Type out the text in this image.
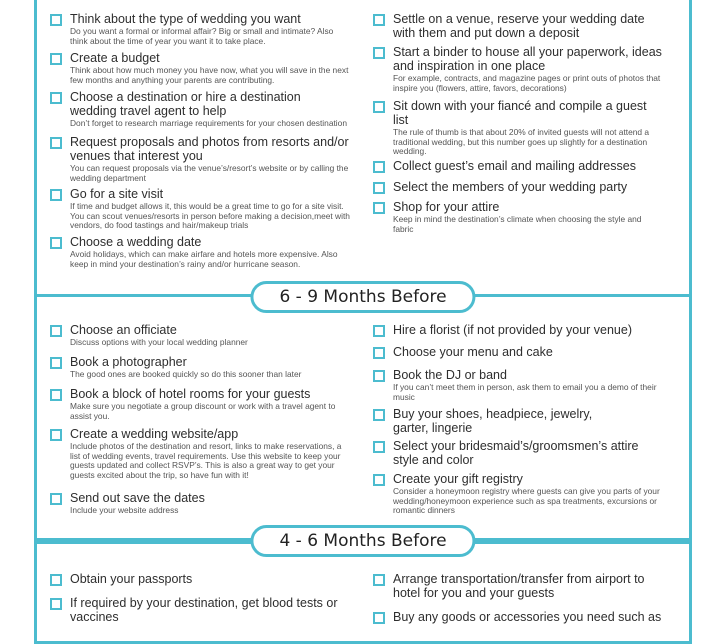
6 - 9 Months Before
4 - 6 Months Before
Think about the type of wedding you want
Do you want a formal or informal affair? Big or small and intimate? Also think about the time of year you want it to take place.
Create a budget
Think about how much money you have now, what you will save in the next few months and anything your parents are contributing.
Choose a destination or hire a destination wedding travel agent to help
Don’t forget to research marriage requirements for your chosen destination
Request proposals and photos from resorts and/or venues that interest you
You can request proposals via the venue’s/resort’s website or by calling the wedding department
Go for a site visit
If time and budget allows it, this would be a great time to go for a site visit. You can scout venues/resorts in person before making a decision,meet with vendors, do food tastings and hair/makeup trials
Choose a wedding date
Avoid holidays, which can make airfare and hotels more expensive. Also keep in mind your destination’s rainy and/or hurricane season.
Settle on a venue, reserve your wedding date with them and put down a deposit
Start a binder to house all your paperwork, ideas and inspiration in one place
For example, contracts, and magazine pages or print outs of photos that inspire you (flowers, attire, favors, decorations)
Sit down with your fiancé and compile a guest list
The rule of thumb is that about 20% of invited guests will not attend a traditional wedding, but this number goes up slightly for a destination wedding.
Collect guest’s email and mailing addresses
Select the members of your wedding party
Shop for your attire
Keep in mind the destination’s climate when choosing the style and fabric
Choose an officiate
Discuss options with your local wedding planner
Book a photographer
The good ones are booked quickly so do this sooner than later
Book a block of hotel rooms for your guests
Make sure you negotiate a group discount or work with a travel agent to assist you.
Create a wedding website/app
Include photos of the destination and resort, links to make reservations, a list of wedding events, travel requirements. Use this website to keep your guests updated and collect RSVP’s. This is also a great way to get your guests excited about the trip, so have fun with it!
Send out save the dates
Include your website address
Hire a florist (if not provided by your venue)
Choose your menu and cake
Book the DJ or band
If you can’t meet them in person, ask them to email you a demo of their music
Buy your shoes, headpiece, jewelry, garter, lingerie
Select your bridesmaid’s/groomsmen’s attire style and color
Create your gift registry
Consider a honeymoon registry where guests can give you parts of your wedding/honeymoon experience such as spa treatments, excursions or romantic dinners
Obtain your passports
If required by your destination, get blood tests or vaccines
Arrange transportation/transfer from airport to hotel for you and your guests
Buy any goods or accessories you need such as
